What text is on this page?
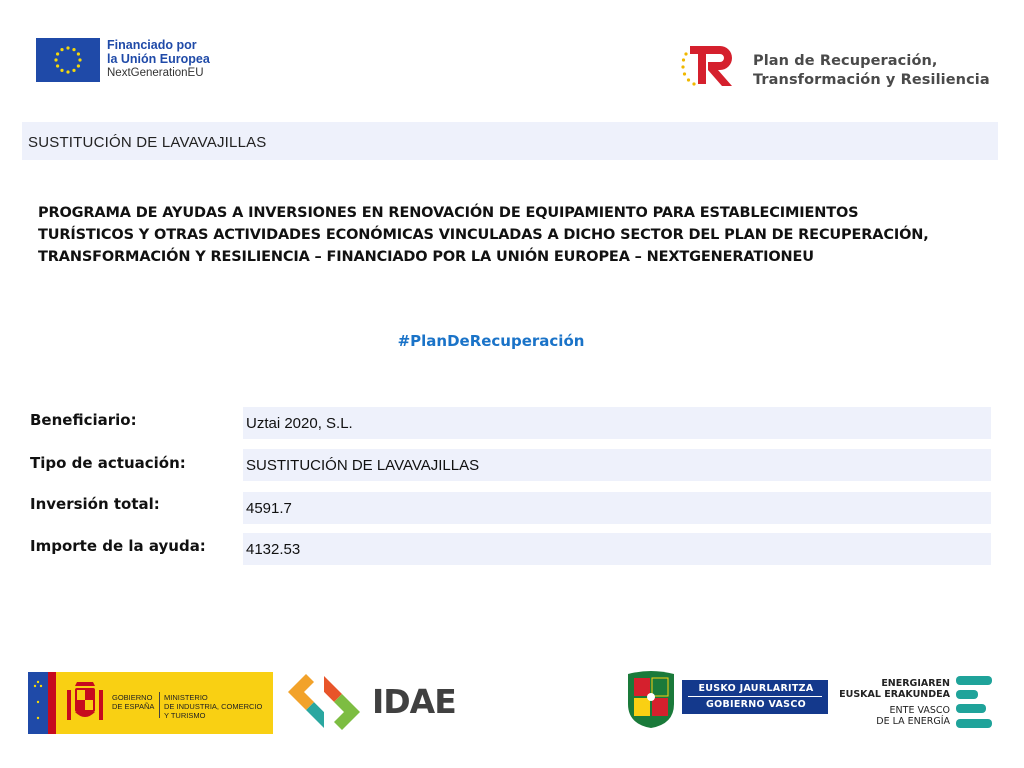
Financiado por
la Unión Europea
NextGenerationEU
Plan de Recuperación,
Transformación y Resiliencia
SUSTITUCIÓN DE LAVAVAJILLAS
PROGRAMA DE AYUDAS A INVERSIONES EN RENOVACIÓN DE EQUIPAMIENTO PARA ESTABLECIMIENTOS
TURÍSTICOS Y OTRAS ACTIVIDADES ECONÓMICAS VINCULADAS A DICHO SECTOR DEL PLAN DE RECUPERACIÓN,
TRANSFORMACIÓN Y RESILIENCIA – FINANCIADO POR LA UNIÓN EUROPEA – NEXTGENERATIONEU
#PlanDeRecuperación
Beneficiario:	Uztai 2020, S.L.
Tipo de actuación:	SUSTITUCIÓN DE LAVAVAJILLAS
Inversión total:	4591.7
Importe de la ayuda:	4132.53
GOBIERNO
DE ESPAÑA
MINISTERIO
DE INDUSTRIA, COMERCIO
Y TURISMO	IDAE	EUSKO JAURLARITZA
GOBIERNO VASCO
ENERGIAREN
EUSKAL ERAKUNDEA
ENTE VASCO
DE LA ENERGÍA
